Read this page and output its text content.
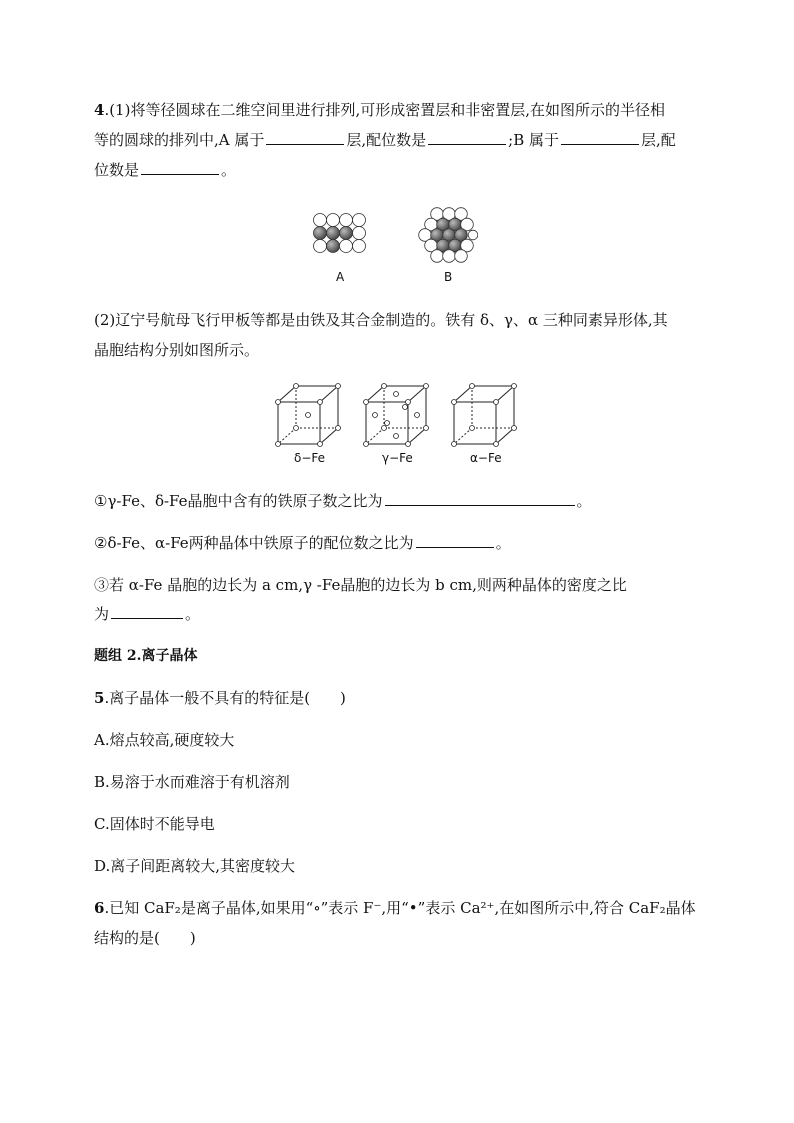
4.(1)将等径圆球在二维空间里进行排列,可形成密置层和非密置层,在如图所示的半径相
等的圆球的排列中,A 属于	层,配位数是	;B 属于	层,配
位数是	。
A	B
(2)辽宁号航母飞行甲板等都是由铁及其合金制造的。铁有 δ、γ、α 三种同素异形体,其
晶胞结构分别如图所示。
δ−Fe	γ−Fe	α−Fe
①γ-Fe、δ-Fe晶胞中含有的铁原子数之比为	。
②δ-Fe、α-Fe两种晶体中铁原子的配位数之比为	。
③若 α-Fe 晶胞的边长为 a cm,γ -Fe晶胞的边长为 b cm,则两种晶体的密度之比
为	。
题组 2.离子晶体
5.离子晶体一般不具有的特征是(　　)
A.熔点较高,硬度较大
B.易溶于水而难溶于有机溶剂
C.固体时不能导电
D.离子间距离较大,其密度较大
6.已知 CaF₂是离子晶体,如果用“∘”表示 F⁻,用“•”表示 Ca²⁺,在如图所示中,符合 CaF₂晶体
结构的是(　　)
